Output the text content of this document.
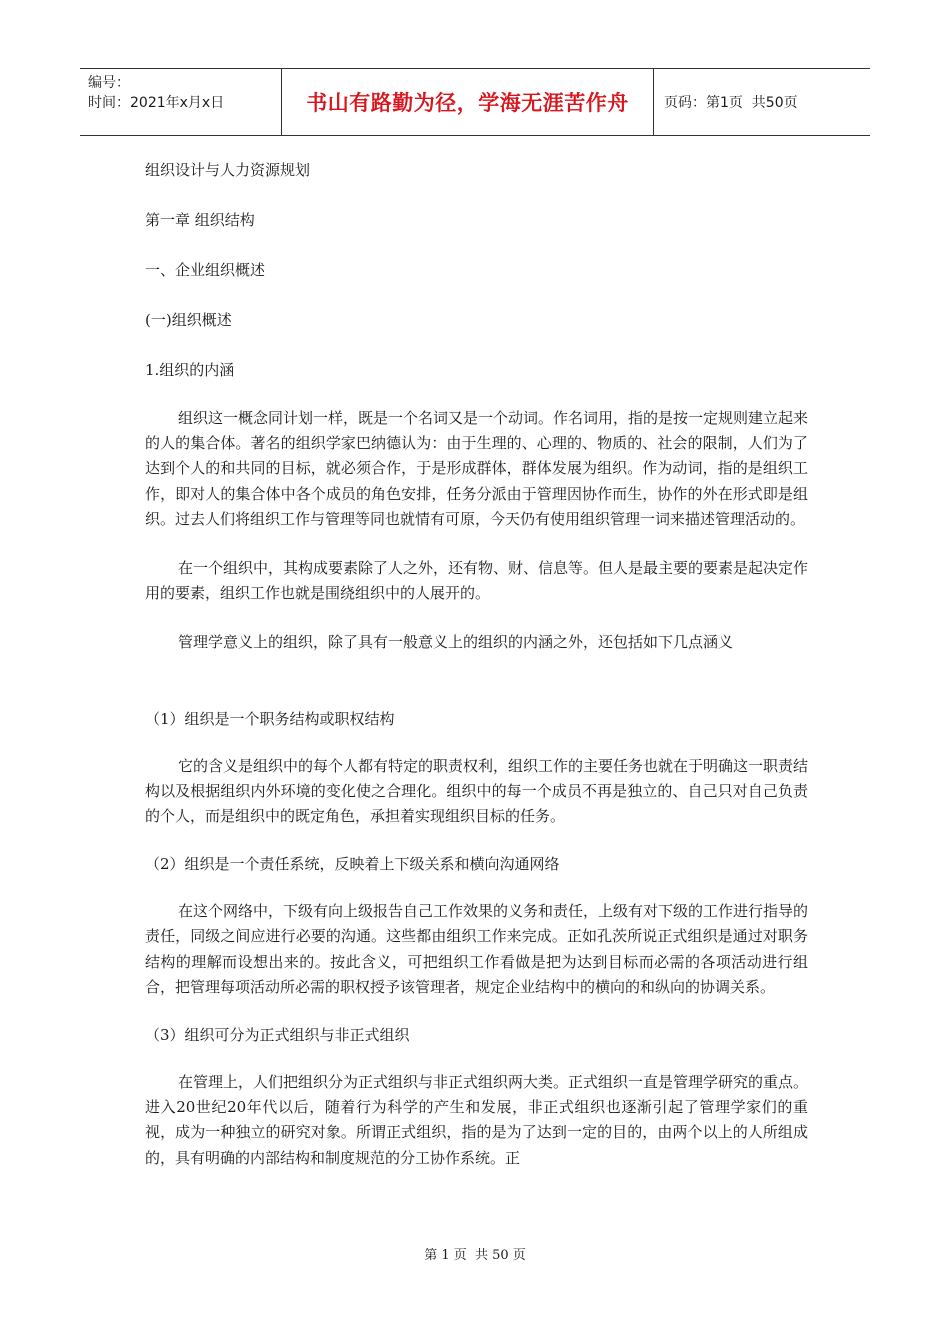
编号：
时间：2021年x月x日	书山有路勤为径，学海无涯苦作舟	页码：第1页  共50页

组织设计与人力资源规划

第一章 组织结构

一、企业组织概述

(一)组织概述

1.组织的内涵

组织这一概念同计划一样，既是一个名词又是一个动词。作名词用，指的是按一定规则建立起来的人的集合体。著名的组织学家巴纳德认为：由于生理的、心理的、物质的、社会的限制，人们为了达到个人的和共同的目标，就必须合作，于是形成群体，群体发展为组织。作为动词，指的是组织工作，即对人的集合体中各个成员的角色安排，任务分派由于管理因协作而生，协作的外在形式即是组织。过去人们将组织工作与管理等同也就情有可原，今天仍有使用组织管理一词来描述管理活动的。

在一个组织中，其构成要素除了人之外，还有物、财、信息等。但人是最主要的要素是起决定作用的要素，组织工作也就是围绕组织中的人展开的。

管理学意义上的组织，除了具有一般意义上的组织的内涵之外，还包括如下几点涵义

（1）组织是一个职务结构或职权结构

它的含义是组织中的每个人都有特定的职责权利，组织工作的主要任务也就在于明确这一职责结构以及根据组织内外环境的变化使之合理化。组织中的每一个成员不再是独立的、自己只对自己负责的个人，而是组织中的既定角色，承担着实现组织目标的任务。

（2）组织是一个责任系统，反映着上下级关系和横向沟通网络

在这个网络中，下级有向上级报告自己工作效果的义务和责任，上级有对下级的工作进行指导的责任，同级之间应进行必要的沟通。这些都由组织工作来完成。正如孔茨所说正式组织是通过对职务结构的理解而设想出来的。按此含义，可把组织工作看做是把为达到目标而必需的各项活动进行组合，把管理每项活动所必需的职权授予该管理者，规定企业结构中的横向的和纵向的协调关系。

（3）组织可分为正式组织与非正式组织

在管理上，人们把组织分为正式组织与非正式组织两大类。正式组织一直是管理学研究的重点。进入20世纪20年代以后，随着行为科学的产生和发展，非正式组织也逐渐引起了管理学家们的重视，成为一种独立的研究对象。所谓正式组织，指的是为了达到一定的目的，由两个以上的人所组成的，具有明确的内部结构和制度规范的分工协作系统。正

第 1 页  共 50 页
